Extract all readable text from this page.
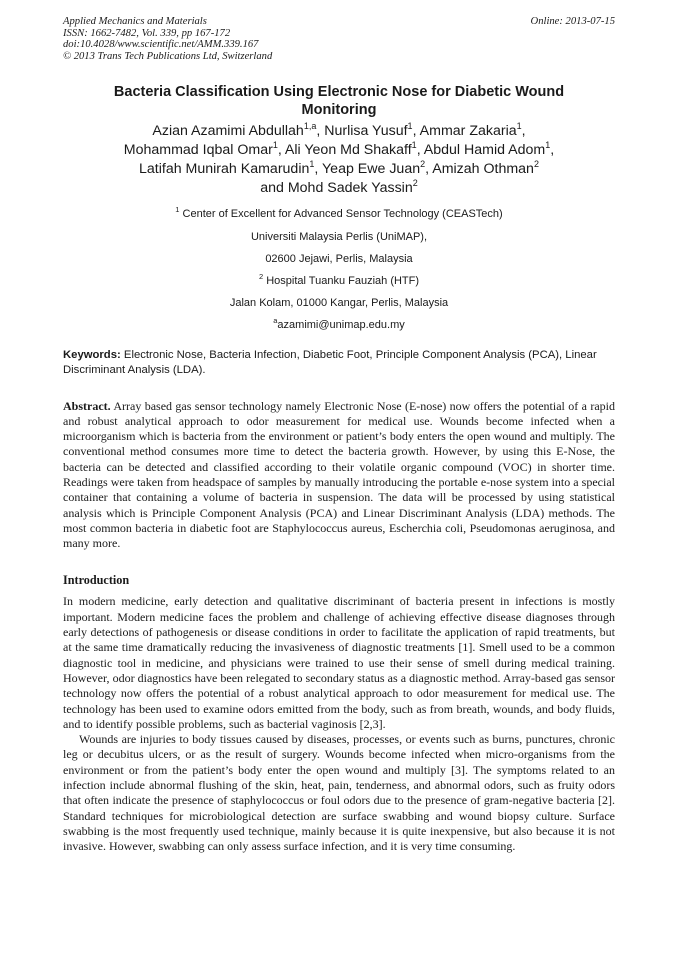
Applied Mechanics and Materials
ISSN: 1662-7482, Vol. 339, pp 167-172
doi:10.4028/www.scientific.net/AMM.339.167
© 2013 Trans Tech Publications Ltd, Switzerland
Online: 2013-07-15
Bacteria Classification Using Electronic Nose for Diabetic Wound Monitoring
Azian Azamimi Abdullah$^{1,a}$, Nurlisa Yusuf$^1$, Ammar Zakaria$^1$,
Mohammad Iqbal Omar$^1$, Ali Yeon Md Shakaff$^1$, Abdul Hamid Adom$^1$,
Latifah Munirah Kamarudin$^1$, Yeap Ewe Juan$^2$, Amizah Othman$^2$
and Mohd Sadek Yassin$^2$
$^1$ Center of Excellent for Advanced Sensor Technology (CEASTech)
Universiti Malaysia Perlis (UniMAP),
02600 Jejawi, Perlis, Malaysia
$^2$ Hospital Tuanku Fauziah (HTF)
Jalan Kolam, 01000 Kangar, Perlis, Malaysia
$^a$azamimi@unimap.edu.my
Keywords: Electronic Nose, Bacteria Infection, Diabetic Foot, Principle Component Analysis (PCA), Linear Discriminant Analysis (LDA).

Abstract. Array based gas sensor technology namely Electronic Nose (E-nose) now offers the potential of a rapid and robust analytical approach to odor measurement for medical use. Wounds become infected when a microorganism which is bacteria from the environment or patient’s body enters the open wound and multiply. The conventional method consumes more time to detect the bacteria growth. However, by using this E-Nose, the bacteria can be detected and classified according to their volatile organic compound (VOC) in shorter time. Readings were taken from headspace of samples by manually introducing the portable e-nose system into a special container that containing a volume of bacteria in suspension. The data will be processed by using statistical analysis which is Principle Component Analysis (PCA) and Linear Discriminant Analysis (LDA) methods. The most common bacteria in diabetic foot are Staphylococcus aureus, Escherchia coli, Pseudomonas aeruginosa, and many more.

Introduction

In modern medicine, early detection and qualitative discriminant of bacteria present in infections is mostly important. Modern medicine faces the problem and challenge of achieving effective disease diagnoses through early detections of pathogenesis or disease conditions in order to facilitate the application of rapid treatments, but at the same time dramatically reducing the invasiveness of diagnostic treatments [1]. Smell used to be a common diagnostic tool in medicine, and physicians were trained to use their sense of smell during medical training. However, odor diagnostics have been relegated to secondary status as a diagnostic method. Array-based gas sensor technology now offers the potential of a robust analytical approach to odor measurement for medical use. The technology has been used to examine odors emitted from the body, such as from breath, wounds, and body fluids, and to identify possible problems, such as bacterial vaginosis [2,3].

Wounds are injuries to body tissues caused by diseases, processes, or events such as burns, punctures, chronic leg or decubitus ulcers, or as the result of surgery. Wounds become infected when micro-organisms from the environment or from the patient’s body enter the open wound and multiply [3]. The symptoms related to an infection include abnormal flushing of the skin, heat, pain, tenderness, and abnormal odors, such as fruity odors that often indicate the presence of staphylococcus or foul odors due to the presence of gram-negative bacteria [2]. Standard techniques for microbiological detection are surface swabbing and wound biopsy culture. Surface swabbing is the most frequently used technique, mainly because it is quite inexpensive, but also because it is not invasive. However, swabbing can only assess surface infection, and it is very time consuming.
